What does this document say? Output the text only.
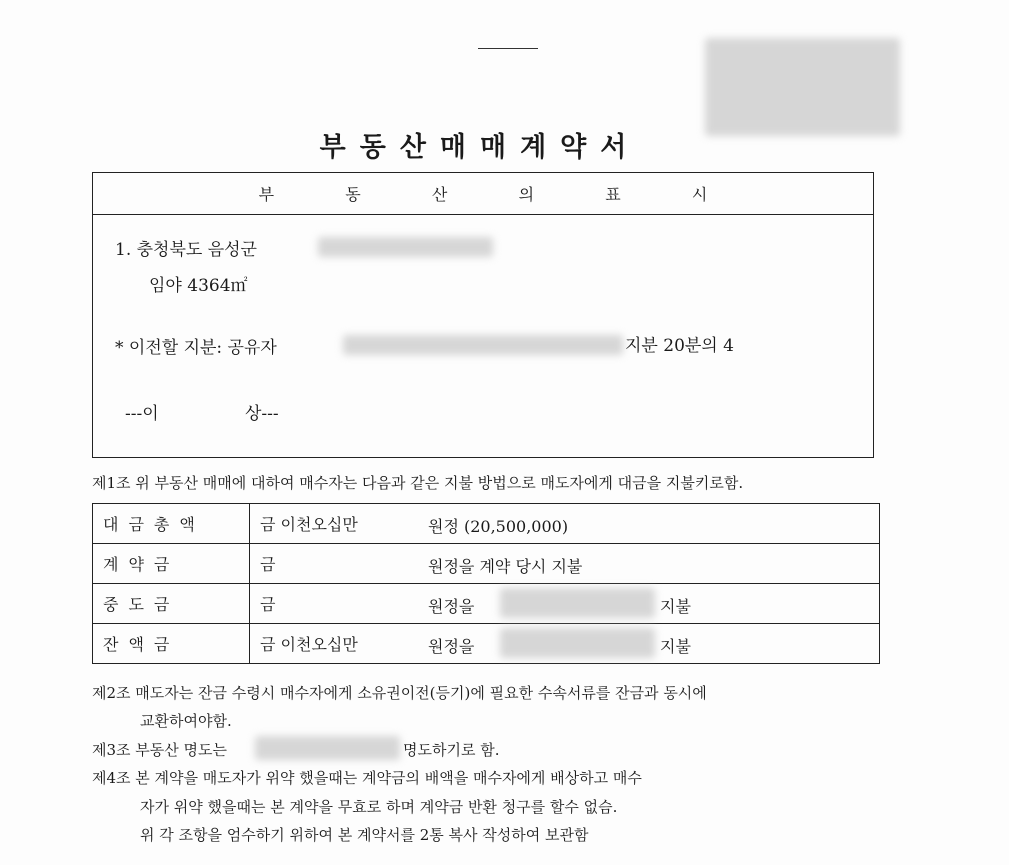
부동산매매계약서
부	동	산	의	표	시
1. 충청북도 음성군
임야 4364㎡
* 이전할 지분: 공유자	지분 20분의 4
---이	상---
제1조 위 부동산 매매에 대하여 매수자는 다음과 같은 지불 방법으로 매도자에게 대금을 지불키로함.
대금총액	금 이천오십만 원정 (20,500,000)

계약금	금 원정을 계약 당시 지불

중도금	금 원정을 지불

잔액금	금 이천오십만 원정을 지불
제2조 매도자는 잔금 수령시 매수자에게 소유권이전(등기)에 필요한 수속서류를 잔금과 동시에
교환하여야함.
제3조 부동산 명도는	명도하기로 함.
제4조 본 계약을 매도자가 위약 했을때는 계약금의 배액을 매수자에게 배상하고 매수
자가 위약 했을때는 본 계약을 무효로 하며 계약금 반환 청구를 할수 없슴.
위 각 조항을 엄수하기 위하여 본 계약서를 2통 복사 작성하여 보관함
